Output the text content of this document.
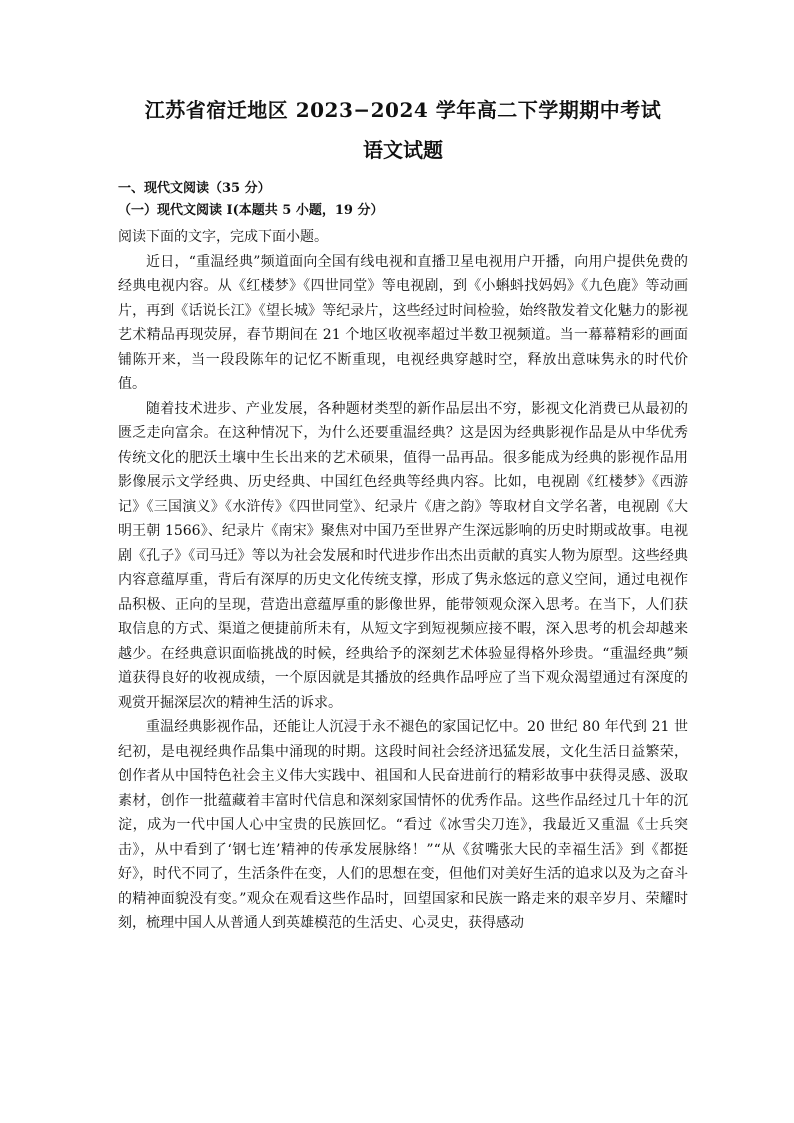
江苏省宿迁地区 2023−2024 学年高二下学期期中考试
语文试题

一、现代文阅读（35 分）

（一）现代文阅读 I(本题共 5 小题，19 分）

阅读下面的文字，完成下面小题。

近日，“重温经典”频道面向全国有线电视和直播卫星电视用户开播，向用户提供免费的经典电视内容。从《红楼梦》《四世同堂》等电视剧，到《小蝌蚪找妈妈》《九色鹿》等动画片，再到《话说长江》《望长城》等纪录片，这些经过时间检验，始终散发着文化魅力的影视艺术精品再现荧屏，春节期间在 21 个地区收视率超过半数卫视频道。当一幕幕精彩的画面铺陈开来，当一段段陈年的记忆不断重现，电视经典穿越时空，释放出意味隽永的时代价值。

随着技术进步、产业发展，各种题材类型的新作品层出不穷，影视文化消费已从最初的匮乏走向富余。在这种情况下，为什么还要重温经典？这是因为经典影视作品是从中华优秀传统文化的肥沃土壤中生长出来的艺术硕果，值得一品再品。很多能成为经典的影视作品用影像展示文学经典、历史经典、中国红色经典等经典内容。比如，电视剧《红楼梦》《西游记》《三国演义》《水浒传》《四世同堂》、纪录片《唐之韵》等取材自文学名著，电视剧《大明王朝 1566》、纪录片《南宋》聚焦对中国乃至世界产生深远影响的历史时期或故事。电视剧《孔子》《司马迁》等以为社会发展和时代进步作出杰出贡献的真实人物为原型。这些经典内容意蕴厚重，背后有深厚的历史文化传统支撑，形成了隽永悠远的意义空间，通过电视作品积极、正向的呈现，营造出意蕴厚重的影像世界，能带领观众深入思考。在当下，人们获取信息的方式、渠道之便捷前所未有，从短文字到短视频应接不暇，深入思考的机会却越来越少。在经典意识面临挑战的时候，经典给予的深刻艺术体验显得格外珍贵。“重温经典”频道获得良好的收视成绩，一个原因就是其播放的经典作品呼应了当下观众渴望通过有深度的观赏开掘深层次的精神生活的诉求。

重温经典影视作品，还能让人沉浸于永不褪色的家国记忆中。20 世纪 80 年代到 21 世纪初，是电视经典作品集中涌现的时期。这段时间社会经济迅猛发展，文化生活日益繁荣，创作者从中国特色社会主义伟大实践中、祖国和人民奋进前行的精彩故事中获得灵感、汲取素材，创作一批蕴藏着丰富时代信息和深刻家国情怀的优秀作品。这些作品经过几十年的沉淀，成为一代中国人心中宝贵的民族回忆。“看过《冰雪尖刀连》，我最近又重温《士兵突击》，从中看到了‘钢七连’精神的传承发展脉络！”“从《贫嘴张大民的幸福生活》到《都挺好》，时代不同了，生活条件在变，人们的思想在变，但他们对美好生活的追求以及为之奋斗的精神面貌没有变。”观众在观看这些作品时，回望国家和民族一路走来的艰辛岁月、荣耀时刻，梳理中国人从普通人到英雄模范的生活史、心灵史，获得感动
